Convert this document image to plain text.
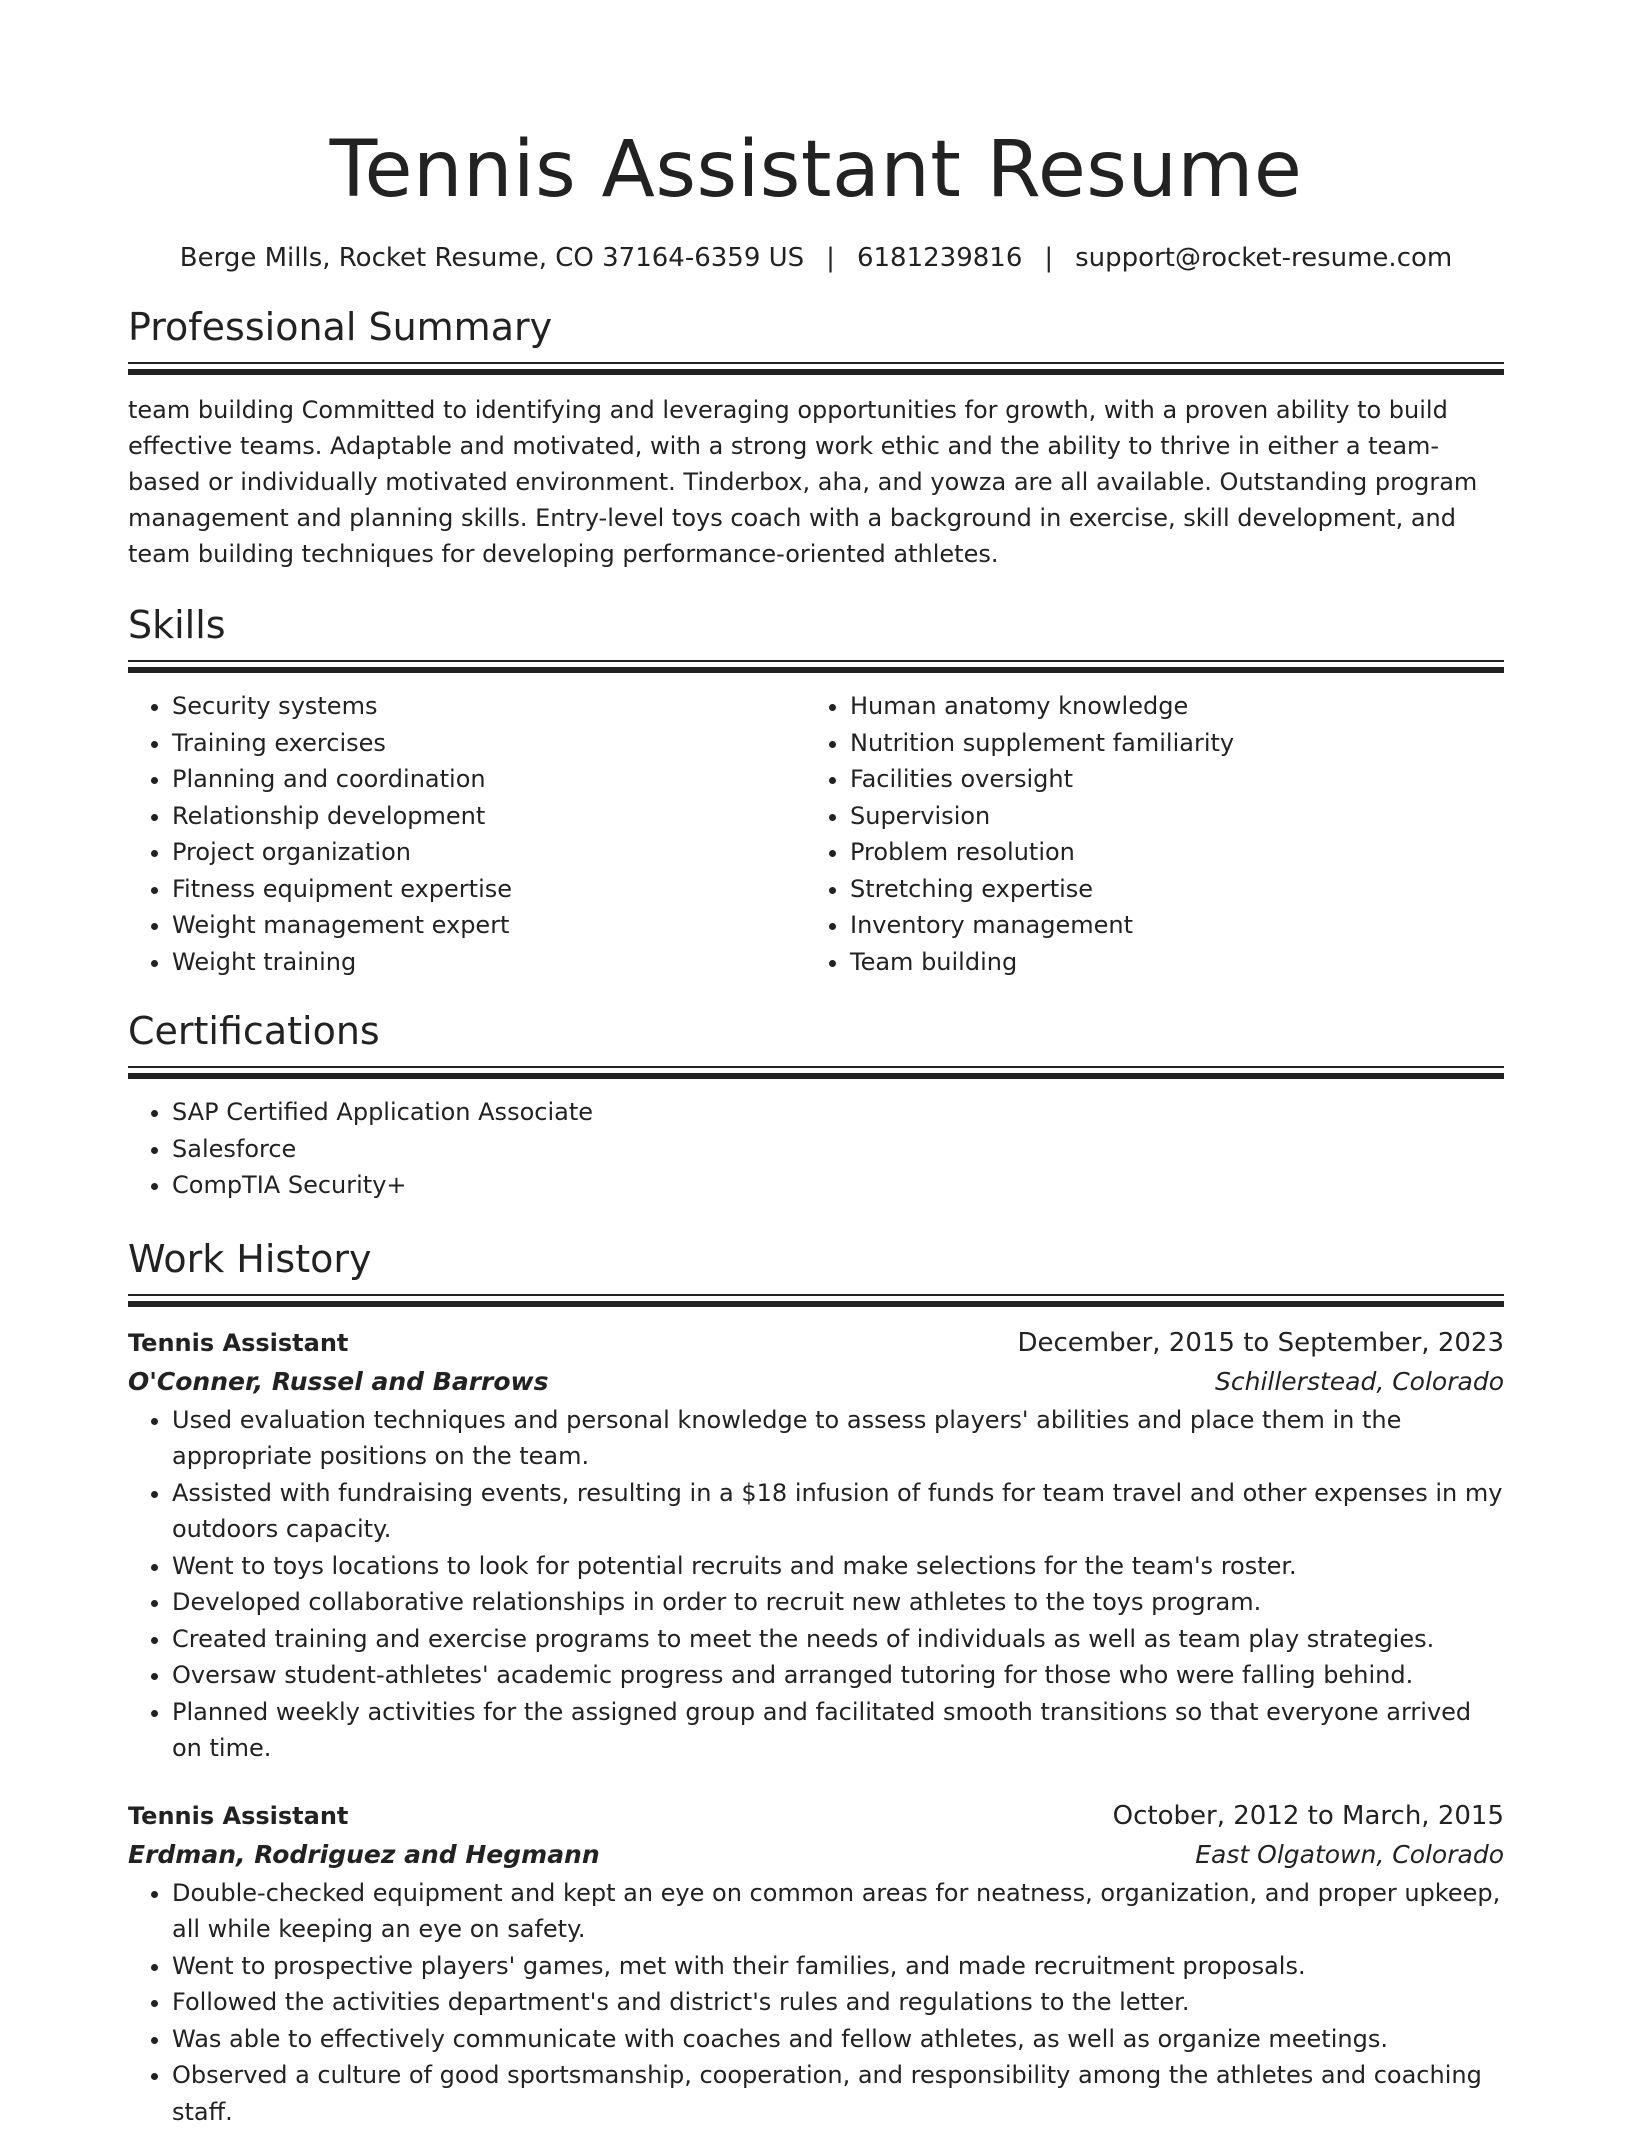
Tennis Assistant Resume
Berge Mills, Rocket Resume, CO 37164-6359 US | 6181239816 | support@rocket-resume.com
Professional Summary

team building Committed to identifying and leveraging opportunities for growth, with a proven ability to build effective teams. Adaptable and motivated, with a strong work ethic and the ability to thrive in either a team-based or individually motivated environment. Tinderbox, aha, and yowza are all available. Outstanding program management and planning skills. Entry-level toys coach with a background in exercise, skill development, and team building techniques for developing performance-oriented athletes.

Skills
• Security systems
• Training exercises
• Planning and coordination
• Relationship development
• Project organization
• Fitness equipment expertise
• Weight management expert
• Weight training
• Human anatomy knowledge
• Nutrition supplement familiarity
• Facilities oversight
• Supervision
• Problem resolution
• Stretching expertise
• Inventory management
• Team building
Certifications
• SAP Certified Application Associate
• Salesforce
• CompTIA Security+
Work History
Tennis Assistant	December, 2015 to September, 2023
O'Conner, Russel and Barrows	Schillerstead, Colorado
• Used evaluation techniques and personal knowledge to assess players' abilities and place them in the appropriate positions on the team.
• Assisted with fundraising events, resulting in a $18 infusion of funds for team travel and other expenses in my outdoors capacity.
• Went to toys locations to look for potential recruits and make selections for the team's roster.
• Developed collaborative relationships in order to recruit new athletes to the toys program.
• Created training and exercise programs to meet the needs of individuals as well as team play strategies.
• Oversaw student-athletes' academic progress and arranged tutoring for those who were falling behind.
• Planned weekly activities for the assigned group and facilitated smooth transitions so that everyone arrived on time.
Tennis Assistant	October, 2012 to March, 2015
Erdman, Rodriguez and Hegmann	East Olgatown, Colorado
• Double-checked equipment and kept an eye on common areas for neatness, organization, and proper upkeep, all while keeping an eye on safety.
• Went to prospective players' games, met with their families, and made recruitment proposals.
• Followed the activities department's and district's rules and regulations to the letter.
• Was able to effectively communicate with coaches and fellow athletes, as well as organize meetings.
• Observed a culture of good sportsmanship, cooperation, and responsibility among the athletes and coaching staff.
